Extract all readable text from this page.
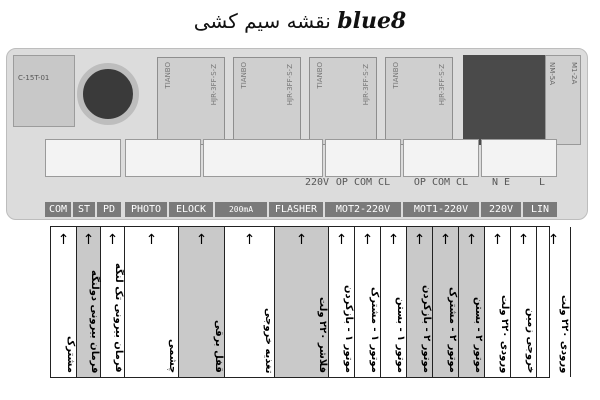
نقشه سیم کشی blue8
C-15T-01	TIANBO	HJR-3FF-S-Z	TIANBO	HJR-3FF-S-Z	TIANBO	HJR-3FF-S-Z	TIANBO	HJR-3FF-S-Z	NM-5A M1-2A
220V OP COM CL	OP COM CL	N E	L
COM	ST	PD	PHOTO	ELOCK	200mA -24V+
FLASHER	MOT2-220V	MOT1-220V	220V	LIN
↑
مشترک
↑
فرمان بیرونی دولنگه
↑
فرمان بیرونی تک لنگه
↑
چشمی
↑
قفل برقی
↑
تغذیه خروجی
↑
فلاشر ۲۲۰ ولت
↑
موتور ۱ - بازکردن
↑
موتور ۱ - مشترک
↑
موتور ۱ - بستن
↑
موتور ۲ - بازکردن
↑
موتور ۲ - مشترک
↑
موتور ۲ - بستن
↑
ورودی ۲۲۰ ولت
↑
خروجی زمین
↑
ورودی ۲۲۰ ولت
